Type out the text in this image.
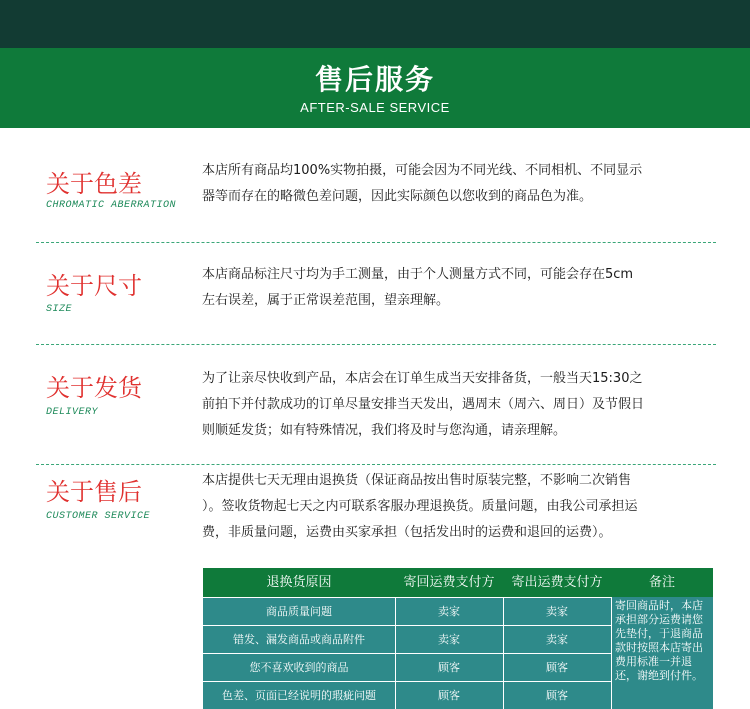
售后服务
AFTER-SALE SERVICE
关于色差
CHROMATIC ABERRATION
本店所有商品均100%实物拍摄，可能会因为不同光线、不同相机、不同显示
器等而存在的略微色差问题，因此实际颜色以您收到的商品色为准。
关于尺寸
SIZE
本店商品标注尺寸均为手工测量，由于个人测量方式不同，可能会存在5cm
左右误差，属于正常误差范围，望亲理解。
关于发货
DELIVERY
为了让亲尽快收到产品，本店会在订单生成当天安排备货，一般当天15:30之
前拍下并付款成功的订单尽量安排当天发出，遇周末（周六、周日）及节假日
则顺延发货；如有特殊情况，我们将及时与您沟通，请亲理解。
关于售后
CUSTOMER SERVICE
本店提供七天无理由退换货（保证商品按出售时原装完整，不影响二次销售
）。签收货物起七天之内可联系客服办理退换货。质量问题，由我公司承担运
费，非质量问题，运费由买家承担（包括发出时的运费和退回的运费）。
退换货原因	寄回运费支付方	寄出运费支付方	备注
商品质量问题	卖家	卖家
错发、漏发商品或商品附件	卖家	卖家
您不喜欢收到的商品	顾客	顾客
色差、页面已经说明的瑕疵问题	顾客	顾客
寄回商品时，本店承担部分运费请您先垫付，于退商品款时按照本店寄出费用标准一并退还，谢绝到付件。
